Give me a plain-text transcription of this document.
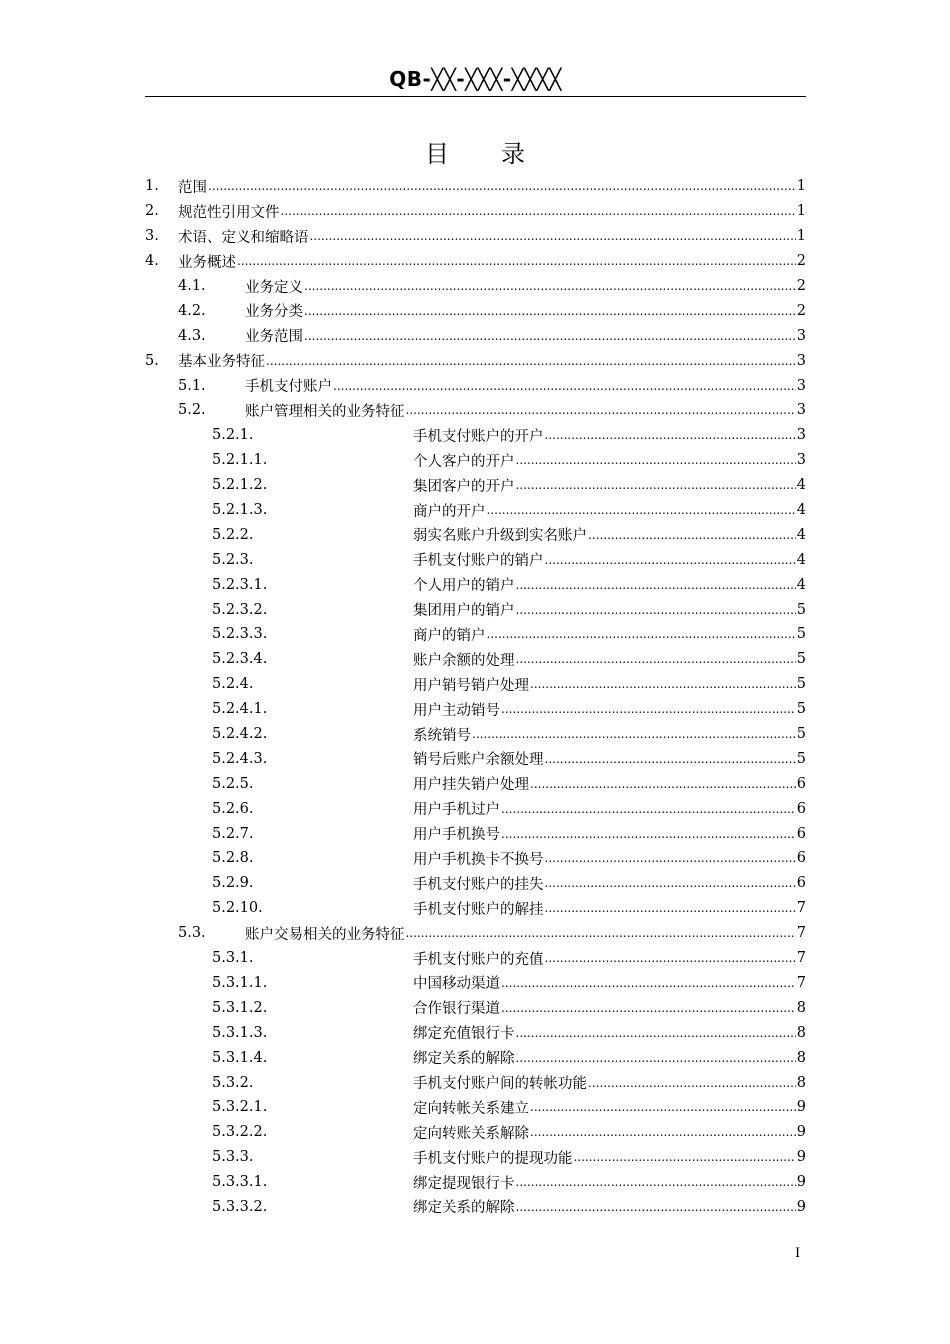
QB-╳╳-╳╳╳-╳╳╳╳
目录
1.	范围 .....	1
2.	规范性引用文件 .....	1
3.	术语、定义和缩略语 .....	1
4.	业务概述 .....	2
4.1.	业务定义 .....	2
4.2.	业务分类 .....	2
4.3.	业务范围 .....	3
5.	基本业务特征 .....	3
5.1.	手机支付账户 .....	3
5.2.	账户管理相关的业务特征 .....	3
5.2.1.	手机支付账户的开户 .....	3
5.2.1.1.	个人客户的开户 .....	3
5.2.1.2.	集团客户的开户 .....	4
5.2.1.3.	商户的开户 .....	4
5.2.2.	弱实名账户升级到实名账户 .....	4
5.2.3.	手机支付账户的销户 .....	4
5.2.3.1.	个人用户的销户 .....	4
5.2.3.2.	集团用户的销户 .....	5
5.2.3.3.	商户的销户 .....	5
5.2.3.4.	账户余额的处理 .....	5
5.2.4.	用户销号销户处理 .....	5
5.2.4.1.	用户主动销号 .....	5
5.2.4.2.	系统销号 .....	5
5.2.4.3.	销号后账户余额处理 .....	5
5.2.5.	用户挂失销户处理 .....	6
5.2.6.	用户手机过户 .....	6
5.2.7.	用户手机换号 .....	6
5.2.8.	用户手机换卡不换号 .....	6
5.2.9.	手机支付账户的挂失 .....	6
5.2.10.	手机支付账户的解挂 .....	7
5.3.	账户交易相关的业务特征 .....	7
5.3.1.	手机支付账户的充值 .....	7
5.3.1.1.	中国移动渠道 .....	7
5.3.1.2.	合作银行渠道 .....	8
5.3.1.3.	绑定充值银行卡 .....	8
5.3.1.4.	绑定关系的解除 .....	8
5.3.2.	手机支付账户间的转帐功能 .....	8
5.3.2.1.	定向转帐关系建立 .....	9
5.3.2.2.	定向转账关系解除 .....	9
5.3.3.	手机支付账户的提现功能 .....	9
5.3.3.1.	绑定提现银行卡 .....	9
5.3.3.2.	绑定关系的解除 .....	9
I
